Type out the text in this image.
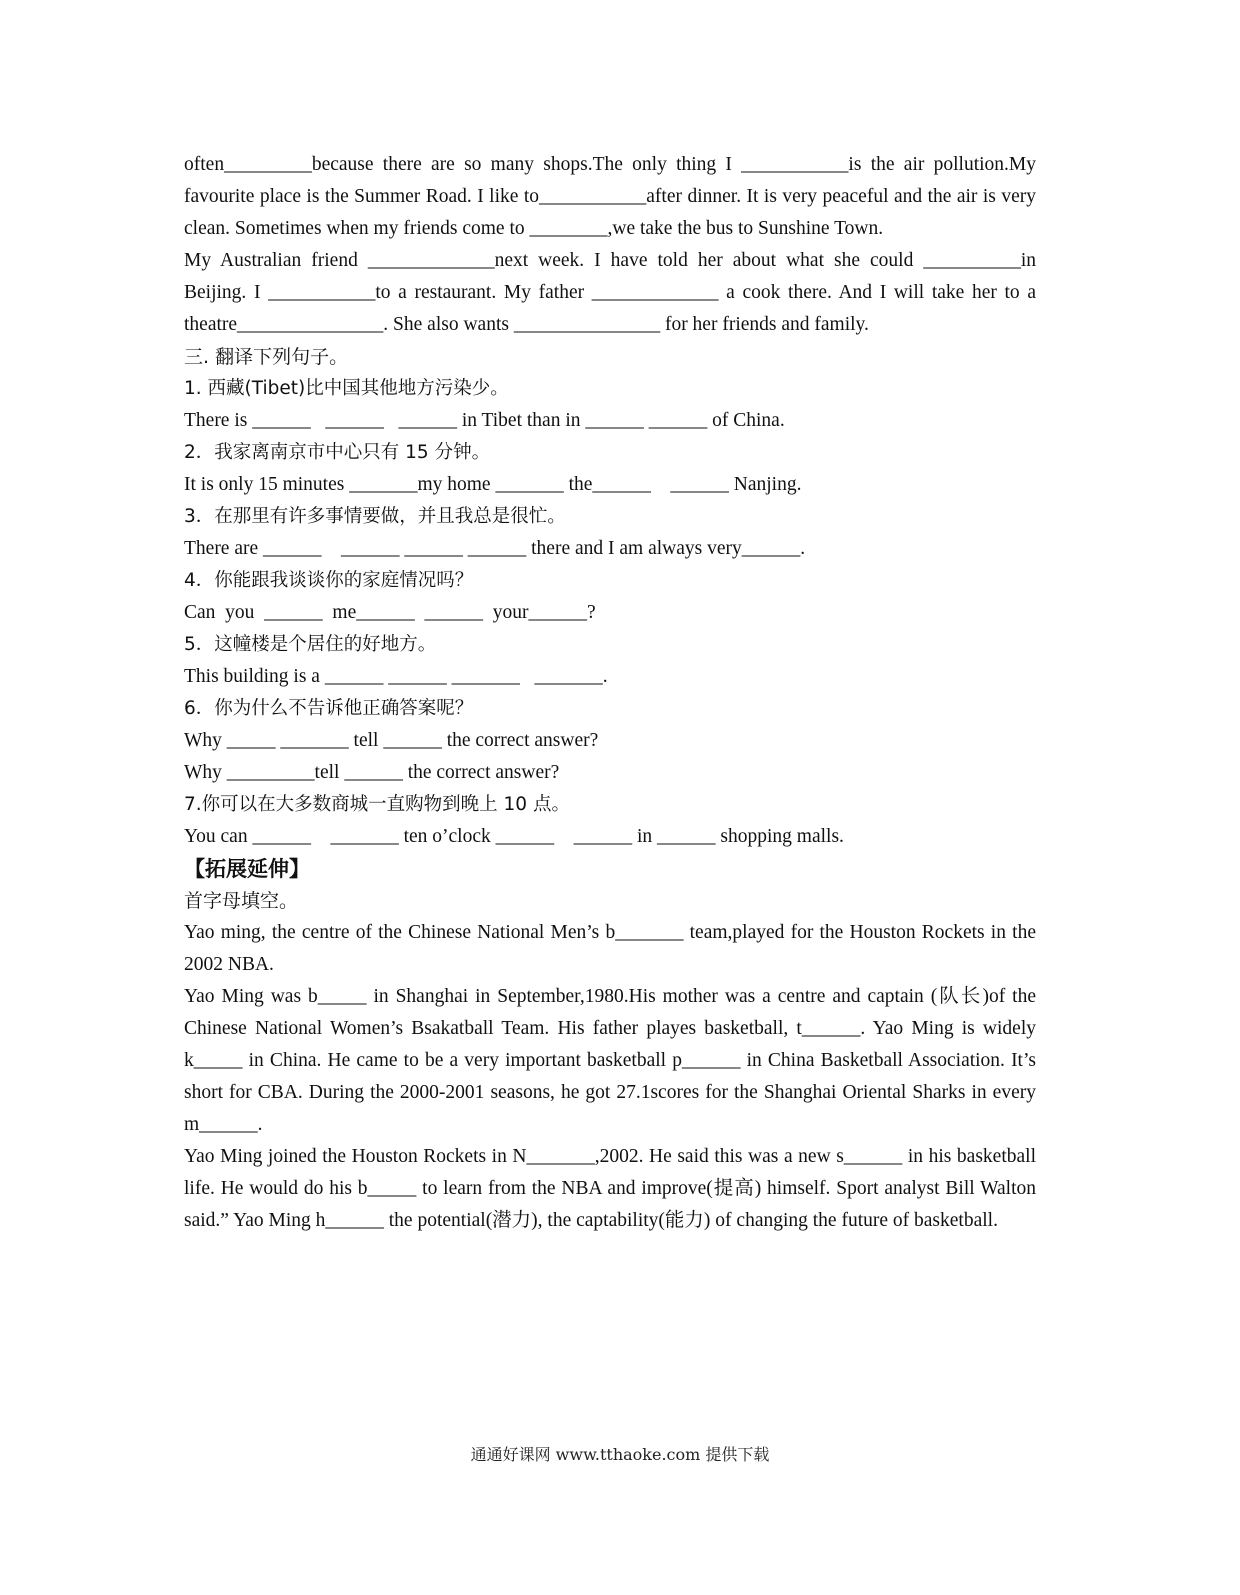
often_________because there are so many shops.The only thing I ___________is the air pollution.My favourite place is the Summer Road. I like to___________after dinner. It is very peaceful and the air is very clean. Sometimes when my friends come to ________,we take the bus to Sunshine Town.

My Australian friend _____________next week. I have told her about what she could __________in Beijing. I ___________to a restaurant. My father _____________ a cook there. And I will take her to a theatre_______________. She also wants _______________ for her friends and family.

三. 翻译下列句子。

1. 西藏(Tibet)比中国其他地方污染少。

There is ______   ______   ______ in Tibet than in ______ ______ of China.

2．我家离南京市中心只有 15 分钟。

It is only 15 minutes _______my home _______ the______    ______ Nanjing.

3．在那里有许多事情要做，并且我总是很忙。

There are ______    ______ ______ ______ there and I am always very______.

4．你能跟我谈谈你的家庭情况吗？

Can  you  ______  me______  ______  your______?

5．这幢楼是个居住的好地方。

This building is a ______ ______ _______   _______.

6．你为什么不告诉他正确答案呢？

Why _____ _______ tell ______ the correct answer?

Why _________tell ______ the correct answer?

7.你可以在大多数商城一直购物到晚上 10 点。

You can ______    _______ ten o’clock ______    ______ in ______ shopping malls.

【拓展延伸】

首字母填空。

Yao ming, the centre of the Chinese National Men’s b_______ team,played for the Houston Rockets in the 2002 NBA.

Yao Ming was b_____ in Shanghai in September,1980.His mother was a centre and captain (队长)of the Chinese National Women’s Bsakatball Team. His father playes basketball, t______. Yao Ming is widely k_____ in China. He came to be a very important basketball p______ in China Basketball Association. It’s short for CBA. During the 2000-2001 seasons, he got 27.1scores for the Shanghai Oriental Sharks in every m______.

Yao Ming joined the Houston Rockets in N_______,2002. He said this was a new s______ in his basketball life. He would do his b_____ to learn from the NBA and improve(提高) himself. Sport analyst Bill Walton said.” Yao Ming h______ the potential(潜力), the captability(能力) of changing the future of basketball.

通通好课网 www.tthaoke.com 提供下载
